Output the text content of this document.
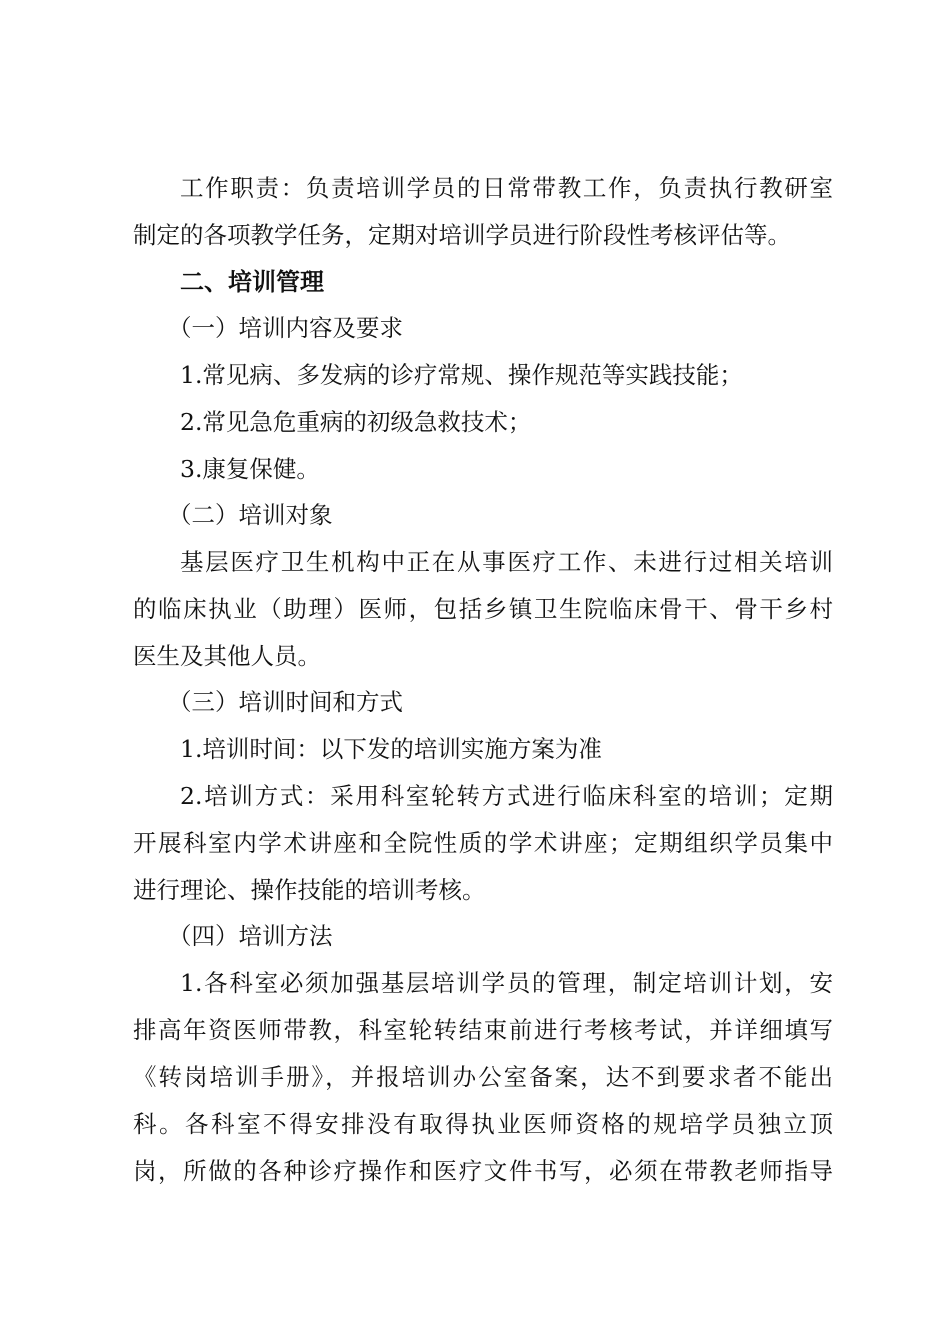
工作职责：负责培训学员的日常带教工作，负责执行教研室
制定的各项教学任务，定期对培训学员进行阶段性考核评估等。
二、培训管理
（一）培训内容及要求
1.常见病、多发病的诊疗常规、操作规范等实践技能；
2.常见急危重病的初级急救技术；
3.康复保健。
（二）培训对象
基层医疗卫生机构中正在从事医疗工作、未进行过相关培训
的临床执业（助理）医师，包括乡镇卫生院临床骨干、骨干乡村
医生及其他人员。
（三）培训时间和方式
1.培训时间：以下发的培训实施方案为准
2.培训方式：采用科室轮转方式进行临床科室的培训；定期
开展科室内学术讲座和全院性质的学术讲座；定期组织学员集中
进行理论、操作技能的培训考核。
（四）培训方法
1.各科室必须加强基层培训学员的管理，制定培训计划，安
排高年资医师带教，科室轮转结束前进行考核考试，并详细填写
《转岗培训手册》，并报培训办公室备案，达不到要求者不能出
科。各科室不得安排没有取得执业医师资格的规培学员独立顶
岗，所做的各种诊疗操作和医疗文件书写，必须在带教老师指导
